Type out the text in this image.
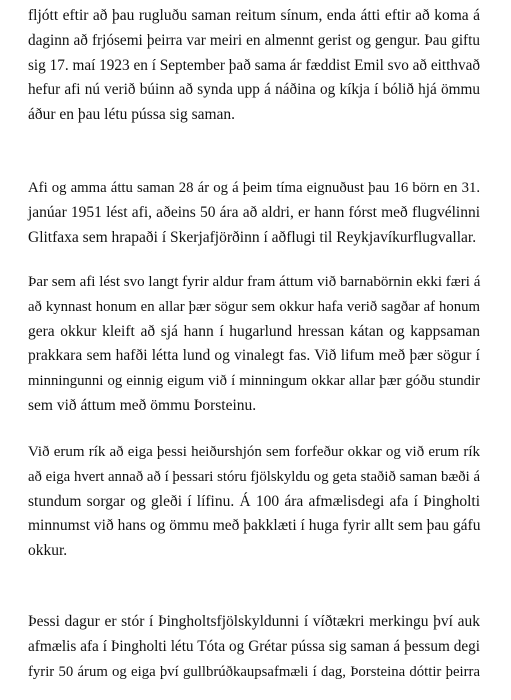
fljótt eftir að þau rugluðu saman reitum sínum, enda átti eftir að koma á
daginn að frjósemi þeirra var meiri en almennt gerist og gengur. Þau giftu
sig 17. maí 1923 en í September það sama ár fæddist Emil svo að eitthvað
hefur afi nú verið búinn að synda upp á náðina og kíkja í bólið hjá ömmu
áður en þau létu pússa sig saman.

Afi og amma áttu saman 28 ár og á þeim tíma eignuðust þau 16 börn en 31.
janúar 1951 lést afi, aðeins 50 ára að aldri, er hann fórst með flugvélinni
Glitfaxa sem hrapaði í Skerjafjörðinn í aðflugi til Reykjavíkurflugvallar.

Þar sem afi lést svo langt fyrir aldur fram áttum við barnabörnin ekki færi á
að kynnast honum en allar þær sögur sem okkur hafa verið sagðar af honum
gera okkur kleift að sjá hann í hugarlund hressan kátan og kappsaman
prakkara sem hafði létta lund og vinalegt fas. Við lifum með þær sögur í
minningunni og einnig eigum við í minningum okkar allar þær góðu stundir
sem við áttum með ömmu Þorsteinu.

Við erum rík að eiga þessi heiðurshjón sem forfeður okkar og við erum rík
að eiga hvert annað að í þessari stóru fjölskyldu og geta staðið saman bæði á
stundum sorgar og gleði í lífinu. Á 100 ára afmælisdegi afa í Þingholti
minnumst við hans og ömmu með þakklæti í huga fyrir allt sem þau gáfu
okkur.

Þessi dagur er stór í Þingholtsfjölskyldunni í víðtækri merkingu því auk
afmælis afa í Þingholti létu Tóta og Grétar pússa sig saman á þessum degi
fyrir 50 árum og eiga því gullbrúðkaupsafmæli í dag, Þorsteina dóttir þeirra
